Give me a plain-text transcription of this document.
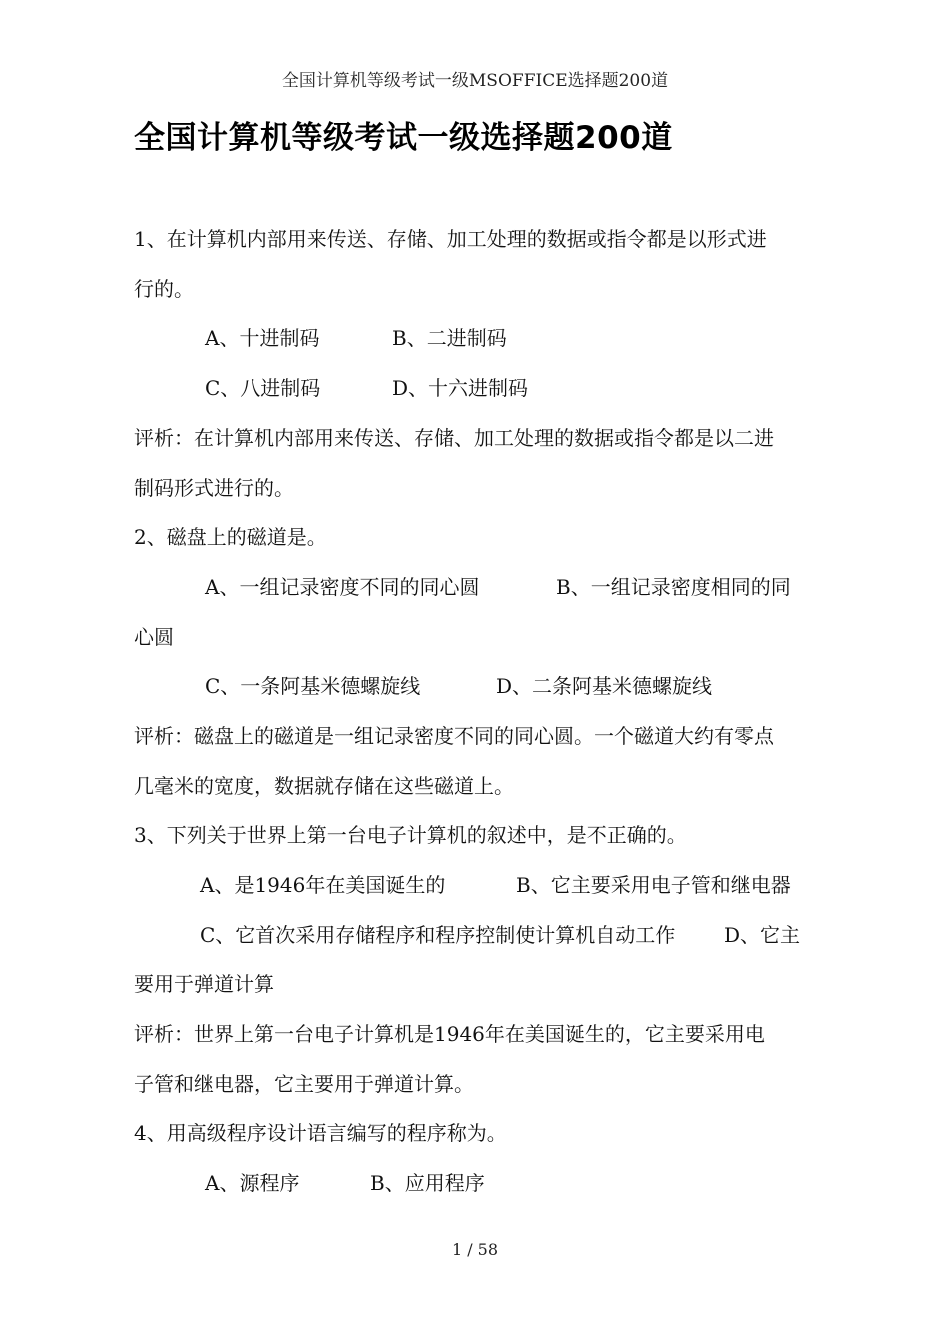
全国计算机等级考试一级MSOFFICE选择题200道
全国计算机等级考试一级选择题200道
1、在计算机内部用来传送、存储、加工处理的数据或指令都是以形式进
行的。
A、十进制码	B、二进制码
C、八进制码	D、十六进制码
评析：在计算机内部用来传送、存储、加工处理的数据或指令都是以二进
制码形式进行的。
2、磁盘上的磁道是。
A、一组记录密度不同的同心圆	B、一组记录密度相同的同
心圆
C、一条阿基米德螺旋线	D、二条阿基米德螺旋线
评析：磁盘上的磁道是一组记录密度不同的同心圆。一个磁道大约有零点
几毫米的宽度，数据就存储在这些磁道上。
3、下列关于世界上第一台电子计算机的叙述中，是不正确的。
A、是1946年在美国诞生的	B、它主要采用电子管和继电器
C、它首次采用存储程序和程序控制使计算机自动工作 D、它主
要用于弹道计算
评析：世界上第一台电子计算机是1946年在美国诞生的，它主要采用电
子管和继电器，它主要用于弹道计算。
4、用高级程序设计语言编写的程序称为。
A、源程序	B、应用程序
1 / 58
